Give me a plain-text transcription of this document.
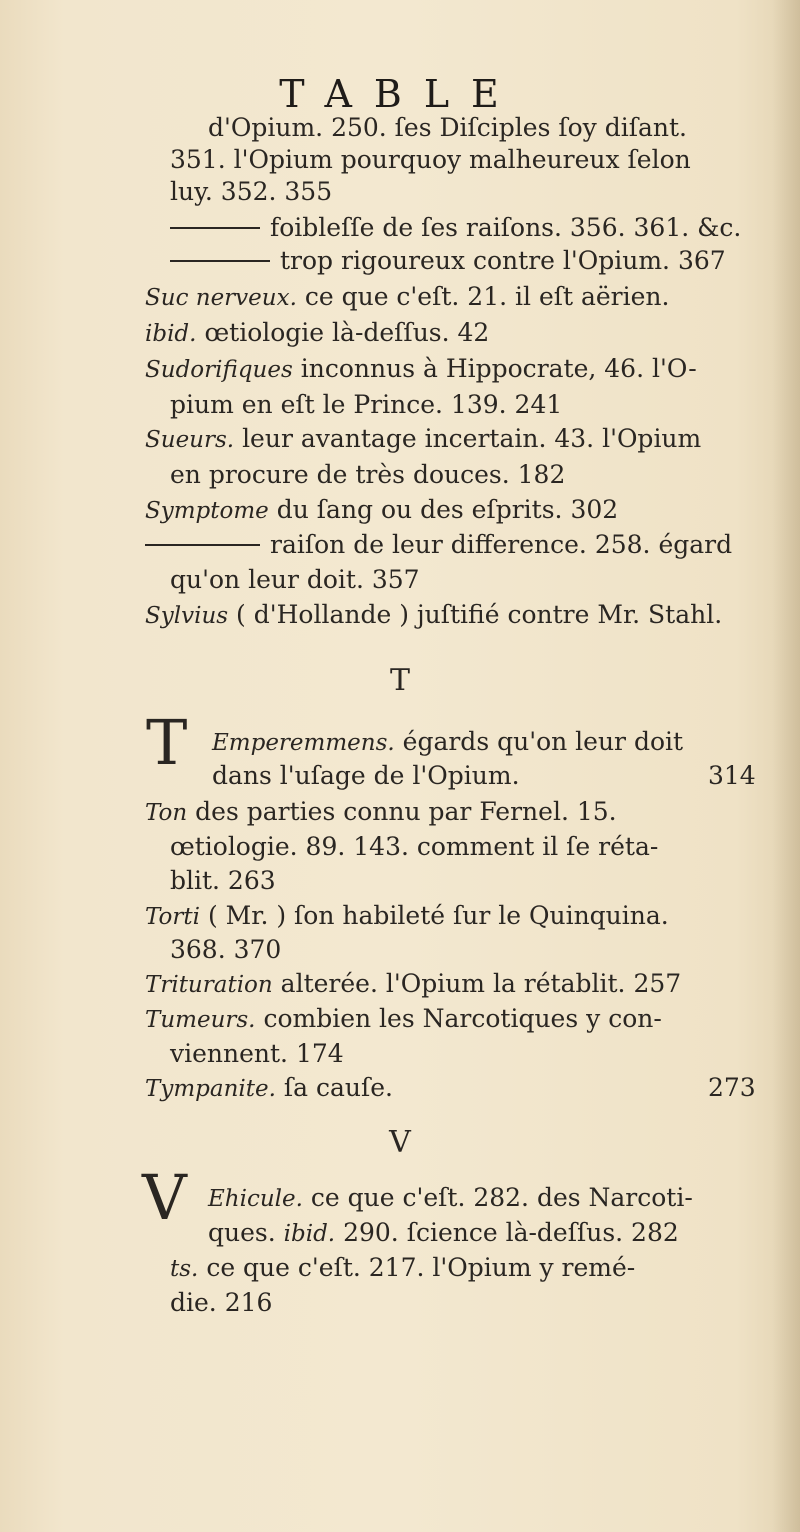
TABLE
d'Opium. 250. ſes Diſciples ſoy diſant.
351. l'Opium pourquoy malheureux ſelon
luy. 352. 355
foibleſſe de ſes raiſons. 356. 361. &c.
trop rigoureux contre l'Opium. 367
Suc nerveux. ce que c'eſt. 21. il eſt aërien.
ibid. œtiologie là-deſſus. 42
Sudorifiques inconnus à Hippocrate, 46. l'O-
pium en eſt le Prince. 139. 241
Sueurs. leur avantage incertain. 43. l'Opium
en procure de très douces. 182
Symptome du ſang ou des eſprits. 302
raiſon de leur difference. 258. égard
qu'on leur doit. 357
Sylvius ( d'Hollande ) juſtifié contre Mr. Stahl.
T
T Emperemmens. égards qu'on leur doit
dans l'uſage de l'Opium.	314
Ton des parties connu par Fernel. 15.
œtiologie. 89. 143. comment il ſe réta-
blit. 263
Torti ( Mr. ) ſon habileté ſur le Quinquina.
368. 370
Trituration alterée. l'Opium la rétablit. 257
Tumeurs. combien les Narcotiques y con-
viennent. 174
Tympanite. ſa cauſe.	273
V
V Ehicule. ce que c'eſt. 282. des Narcoti-
ques. ibid. 290. ſcience là-deſſus. 282
ts. ce que c'eſt. 217. l'Opium y remé-
die. 216
